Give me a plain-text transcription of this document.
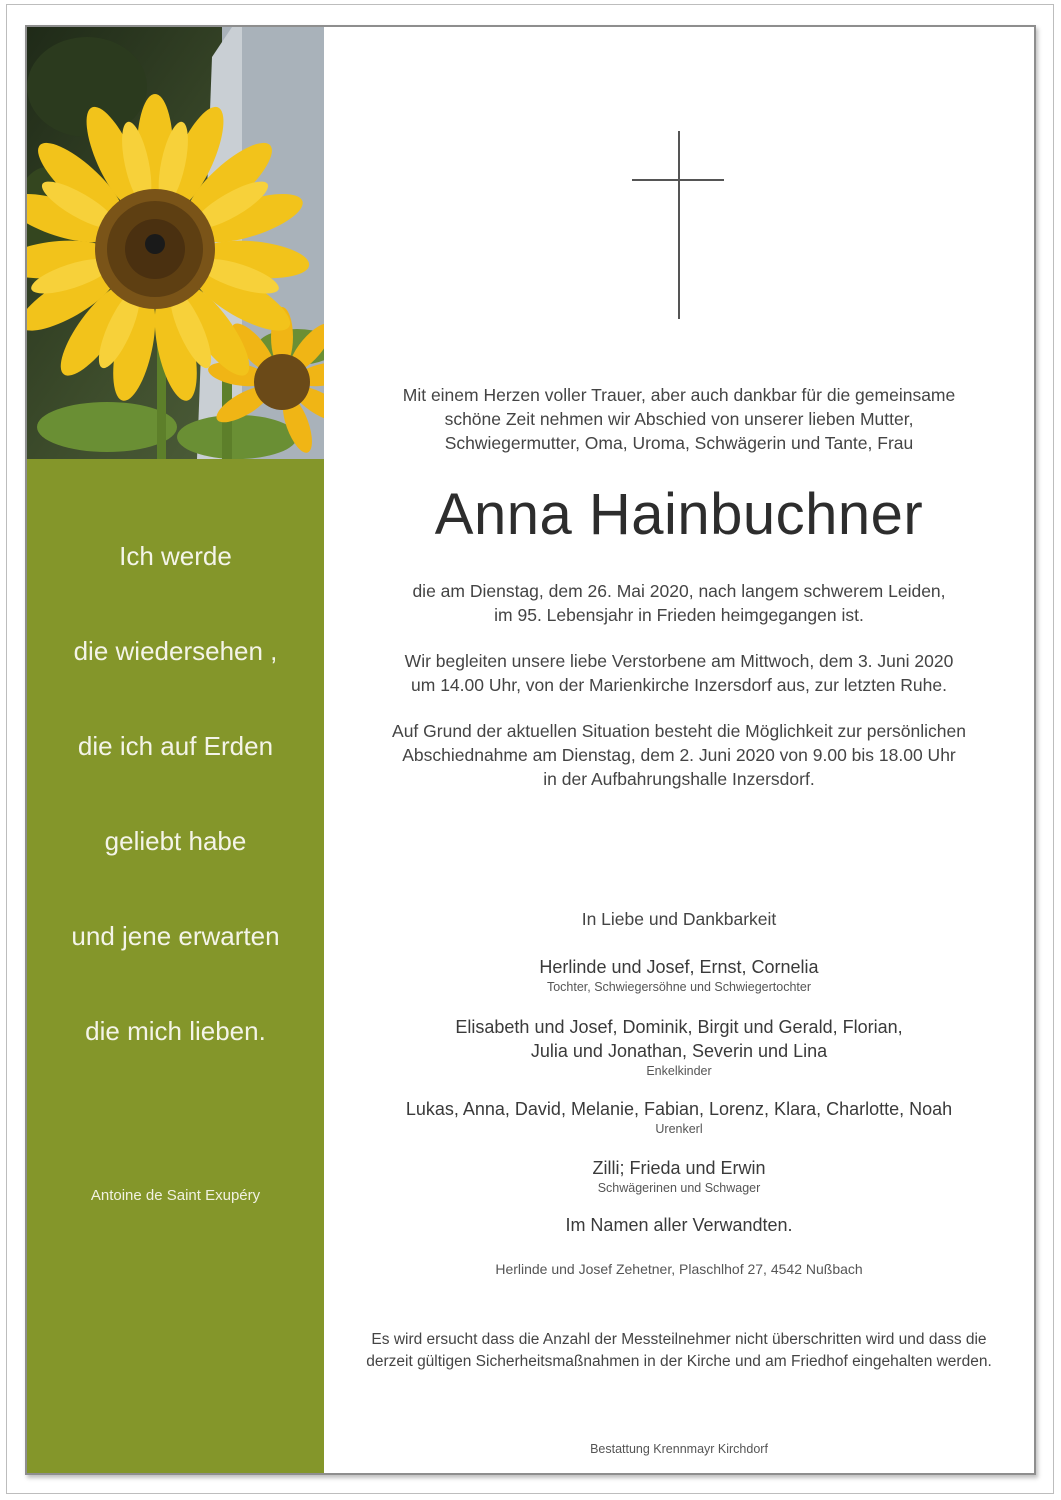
Ich werde
die wiedersehen ,
die ich auf Erden
geliebt habe
und jene erwarten
die mich lieben.
Antoine de Saint Exupéry
Mit einem Herzen voller Trauer, aber auch dankbar für die gemeinsame
schöne Zeit nehmen wir Abschied von unserer lieben Mutter,
Schwiegermutter, Oma, Uroma, Schwägerin und Tante, Frau
Anna Hainbuchner
die am Dienstag, dem 26. Mai 2020, nach langem schwerem Leiden,
im 95. Lebensjahr in Frieden heimgegangen ist.
Wir begleiten unsere liebe Verstorbene am Mittwoch, dem 3. Juni 2020
um 14.00 Uhr, von der Marienkirche Inzersdorf aus, zur letzten Ruhe.
Auf Grund der aktuellen Situation besteht die Möglichkeit zur persönlichen
Abschiednahme am Dienstag, dem 2. Juni 2020 von 9.00 bis 18.00 Uhr
in der Aufbahrungshalle Inzersdorf.
In Liebe und Dankbarkeit
Herlinde und Josef, Ernst, Cornelia
Tochter, Schwiegersöhne und Schwiegertochter
Elisabeth und Josef, Dominik, Birgit und Gerald, Florian,
Julia und Jonathan, Severin und Lina
Enkelkinder
Lukas, Anna, David, Melanie, Fabian, Lorenz, Klara, Charlotte, Noah
Urenkerl
Zilli; Frieda und Erwin
Schwägerinen und Schwager
Im Namen aller Verwandten.
Herlinde und Josef Zehetner, Plaschlhof 27, 4542 Nußbach
Es wird ersucht dass die Anzahl der Messteilnehmer nicht überschritten wird und dass die
derzeit gültigen Sicherheitsmaßnahmen in der Kirche und am Friedhof eingehalten werden.
Bestattung Krennmayr Kirchdorf
